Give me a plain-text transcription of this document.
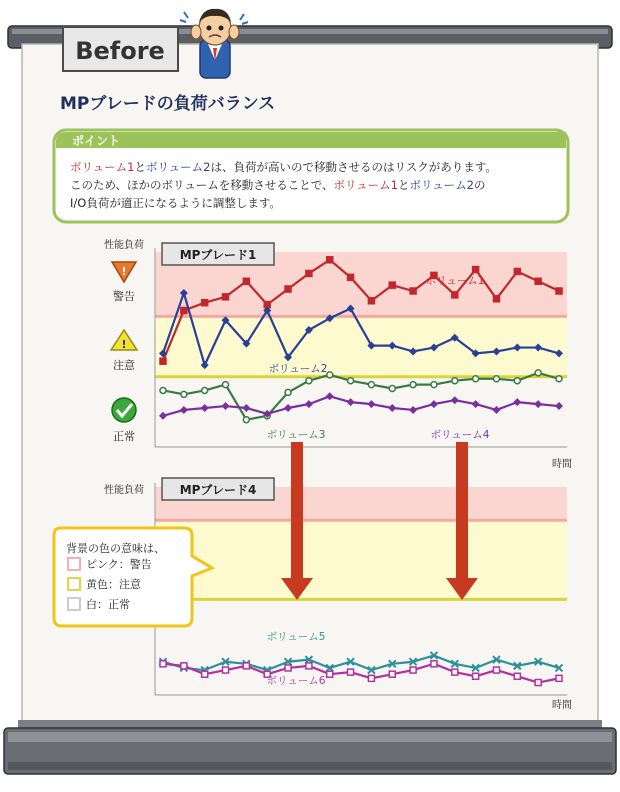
Before
MPブレードの負荷バランス
ポイント
ボリューム1とボリューム2は、負荷が高いので移動させるのはリスクがあります。
このため、ほかのボリュームを移動させることで、ボリューム1とボリューム2の
I/O負荷が適正になるように調整します。
!
警告
!
注意
正常
性能負荷
時間
MPブレード1
ボリューム1
ボリューム2
ボリューム3	ボリューム4
性能負荷
時間
MPブレード4
ボリューム5
ボリューム6
背景の色の意味は、
ピンク：警告
黄色：注意
白：正常
